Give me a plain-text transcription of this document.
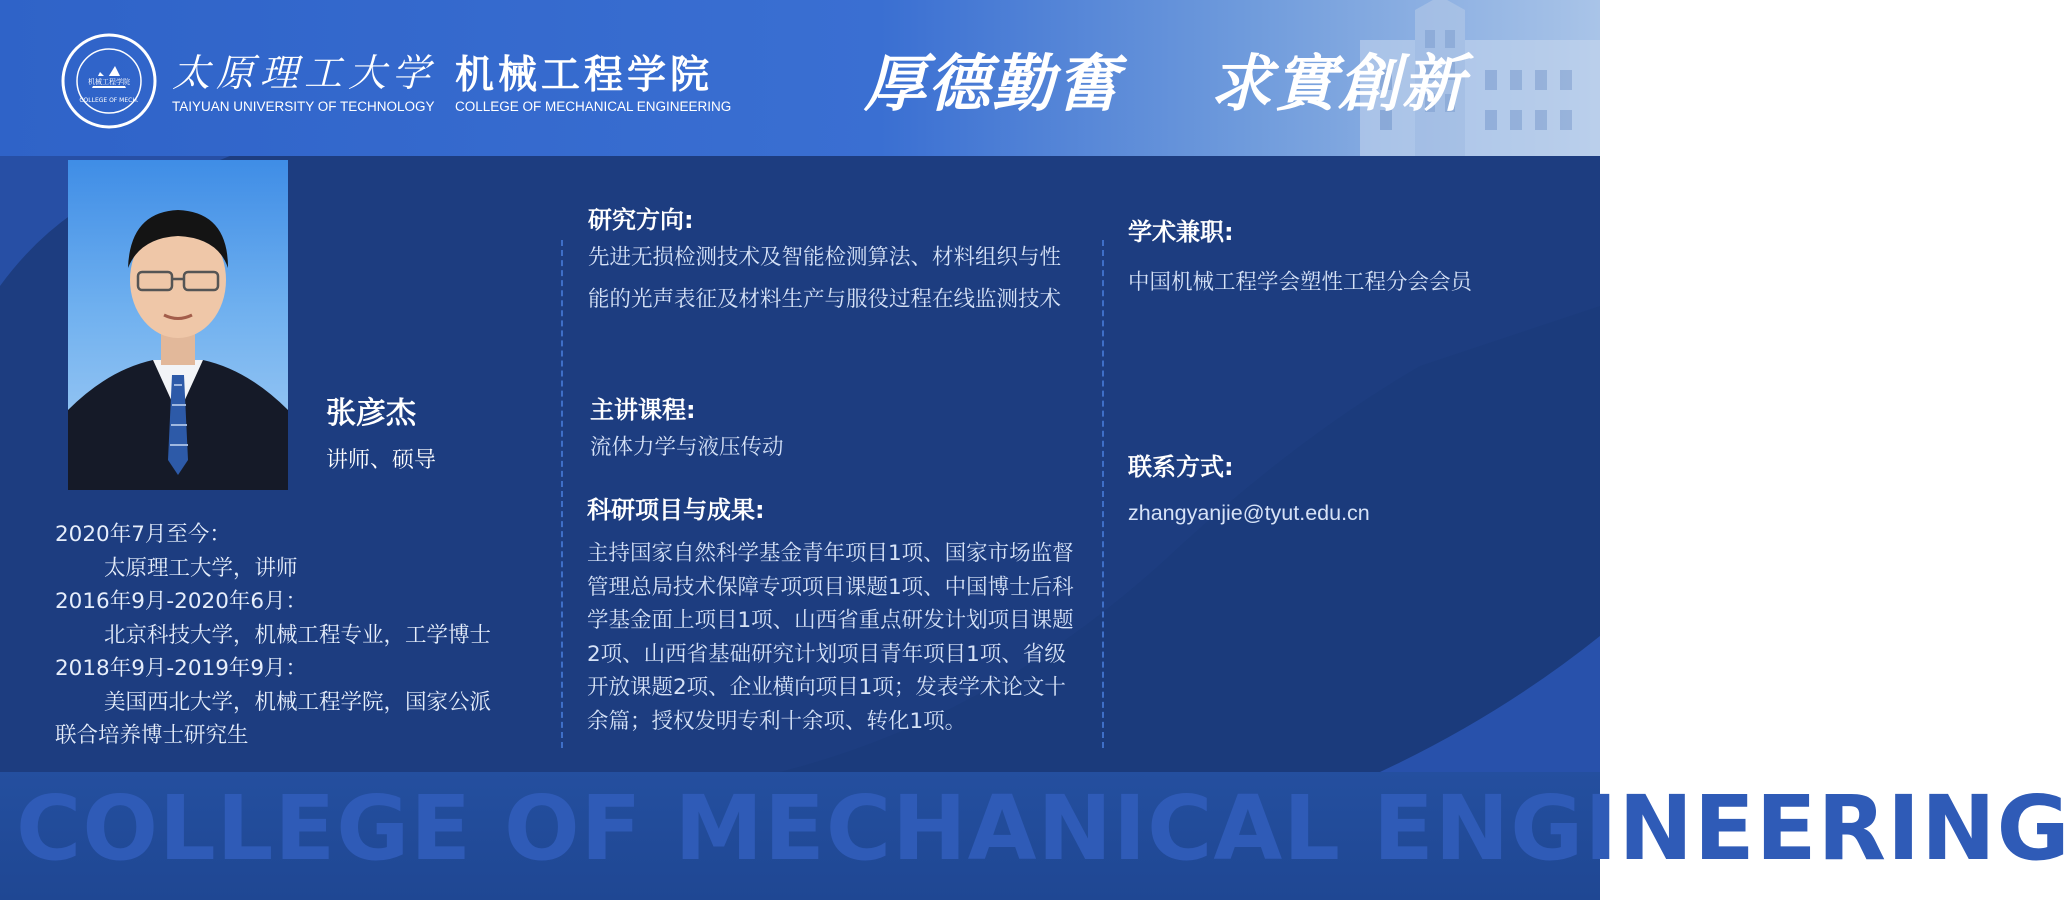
机械工程学院
COLLEGE OF MECH.
太原理工大学
TAIYUAN UNIVERSITY OF TECHNOLOGY
机械工程学院
COLLEGE OF MECHANICAL ENGINEERING 厚德勤奮 求實創新
张彦杰
讲师、硕导
2020年7月至今：
太原理工大学，讲师
2016年9月-2020年6月：
北京科技大学，机械工程专业，工学博士
2018年9月-2019年9月：
美国西北大学，机械工程学院，国家公派
联合培养博士研究生
研究方向:
先进无损检测技术及智能检测算法、材料组织与性能的光声表征及材料生产与服役过程在线监测技术
主讲课程:
流体力学与液压传动
科研项目与成果:
主持国家自然科学基金青年项目1项、国家市场监督管理总局技术保障专项项目课题1项、中国博士后科学基金面上项目1项、山西省重点研发计划项目课题2项、山西省基础研究计划项目青年项目1项、省级开放课题2项、企业横向项目1项；发表学术论文十余篇；授权发明专利十余项、转化1项。
学术兼职:
中国机械工程学会塑性工程分会会员
联系方式:
zhangyanjie@tyut.edu.cn
COLLEGE OF MECHANICAL ENGINEERING
